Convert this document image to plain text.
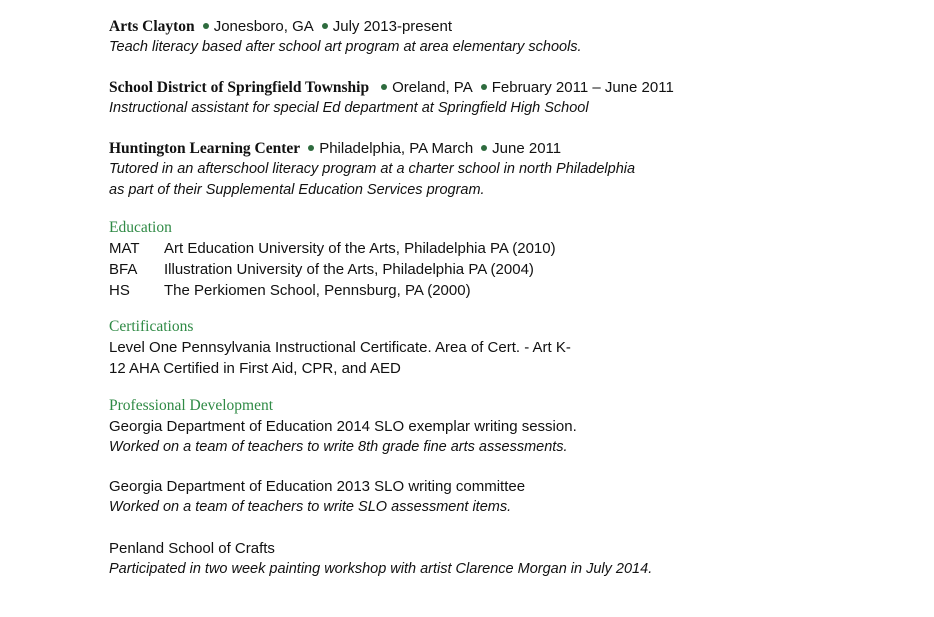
Arts Clayton Jonesboro, GA July 2013-present
Teach literacy based after school art program at area elementary schools.
School District of Springfield Township Oreland, PA February 2011 – June 2011
Instructional assistant for special Ed department at Springfield High School
Huntington Learning Center Philadelphia, PA March June 2011
Tutored in an afterschool literacy program at a charter school in north Philadelphia
as part of their Supplemental Education Services program.
Education
MAT Art Education University of the Arts, Philadelphia PA (2010)
BFA Illustration University of the Arts, Philadelphia PA (2004)
HS The Perkiomen School, Pennsburg, PA (2000)
Certifications
Level One Pennsylvania Instructional Certificate. Area of Cert. - Art K-
12 AHA Certified in First Aid, CPR, and AED
Professional Development
Georgia Department of Education 2014 SLO exemplar writing session.
Worked on a team of teachers to write 8th grade fine arts assessments.
Georgia Department of Education 2013 SLO writing committee
Worked on a team of teachers to write SLO assessment items.
Penland School of Crafts
Participated in two week painting workshop with artist Clarence Morgan in July 2014.
